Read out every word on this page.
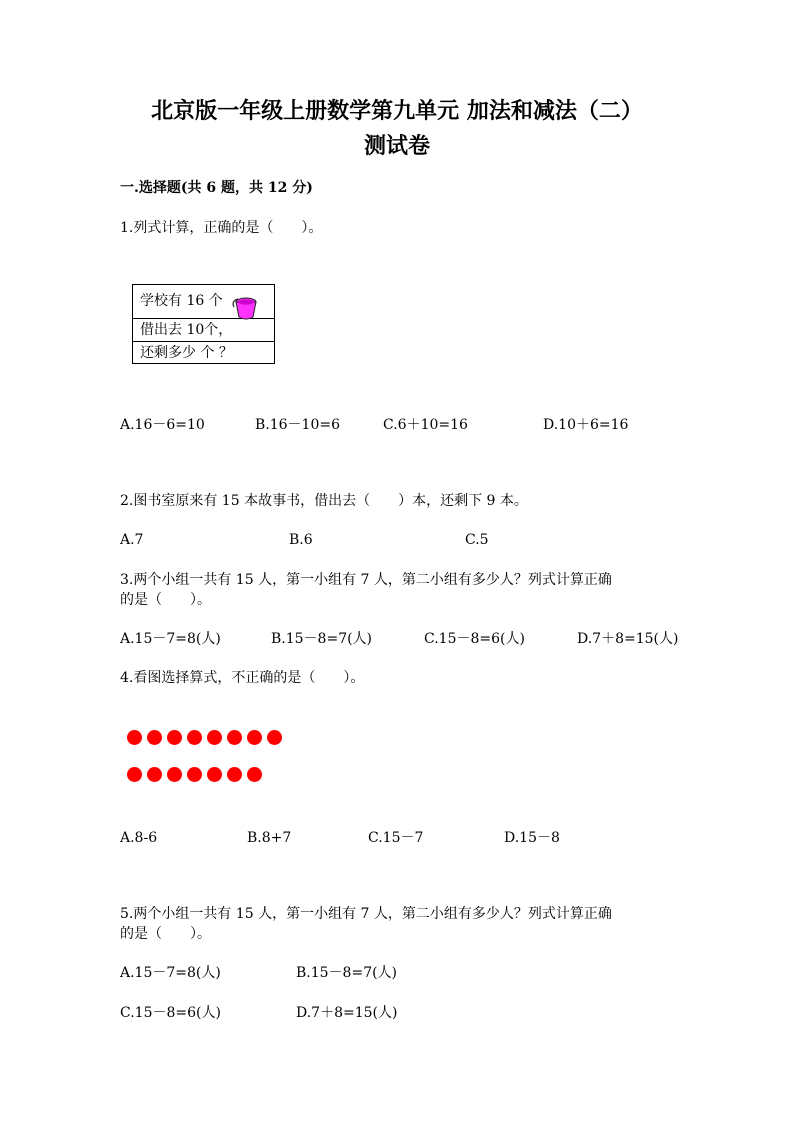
北京版一年级上册数学第九单元 加法和减法（二）
测试卷
一.选择题(共 6 题，共 12 分)
1.列式计算，正确的是（　　）。
学校有 16 个
借出去 10个，
还剩多少 个 ？
A.16－6=10	B.16－10=6	C.6＋10=16	D.10＋6=16
2.图书室原来有 15 本故事书，借出去（　　）本，还剩下 9 本。
A.7	B.6	C.5
3.两个小组一共有 15 人，第一小组有 7 人，第二小组有多少人？列式计算正确
的是（　　）。
A.15－7=8(人)	B.15－8=7(人)	C.15－8=6(人)	D.7＋8=15(人)
4.看图选择算式，不正确的是（　　）。
A.8-6	B.8+7	C.15－7	D.15－8
5.两个小组一共有 15 人，第一小组有 7 人，第二小组有多少人？列式计算正确
的是（　　）。
A.15－7=8(人)	B.15－8=7(人)
C.15－8=6(人)	D.7＋8=15(人)
